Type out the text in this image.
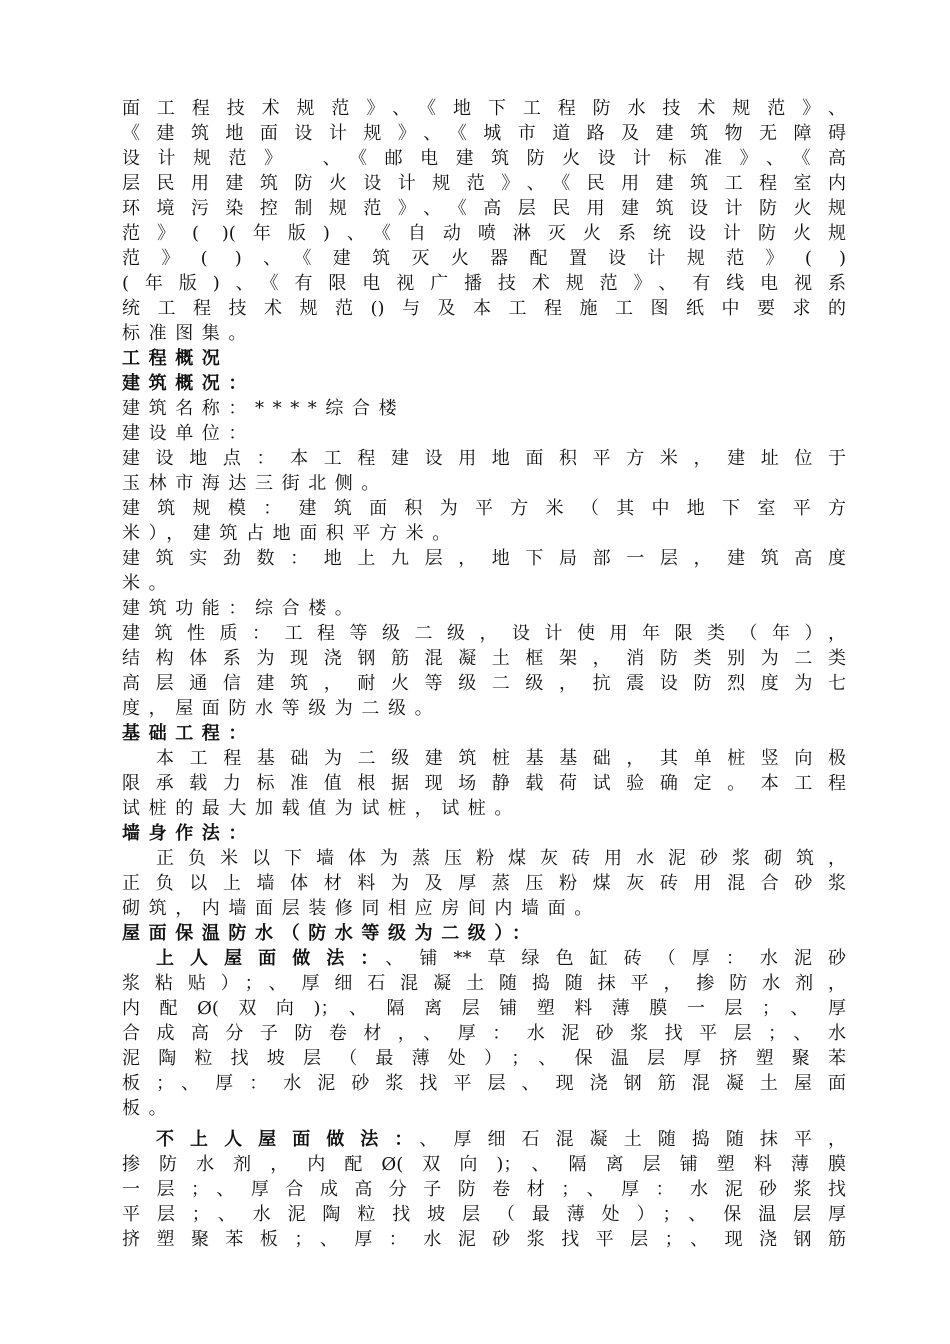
面工程技术规范》、《地下工程防水技术规范》、
《建筑地面设计规》、《城市道路及建筑物无障碍
设计规范》 、《邮电建筑防火设计标准》、《高
层民用建筑防火设计规范》、《民用建筑工程室内
环境污染控制规范》、《高层民用建筑设计防火规
范》( )(年版)、《自动喷淋灭火系统设计防火规
范》( )、《建筑灭火器配置设计规范》( )
(年版)、《有限电视广播技术规范》、有线电视系
统工程技术规范()与及本工程施工图纸中要求的
标准图集。
工程概况
建筑概况：
建筑名称：****综合楼
建设单位：
建设地点：本工程建设用地面积平方米，建址位于
玉林市海达三街北侧。
建筑规模：建筑面积为平方米（其中地下室平方
米），建筑占地面积平方米。
建筑实劲数：地上九层，地下局部一层，建筑高度
米。
建筑功能：综合楼。
建筑性质：工程等级二级，设计使用年限类（年），
结构体系为现浇钢筋混凝土框架，消防类别为二类
高层通信建筑，耐火等级二级，抗震设防烈度为七
度，屋面防水等级为二级。
基础工程：
本工程基础为二级建筑桩基基础，其单桩竖向极
限承载力标准值根据现场静载荷试验确定。本工程
试桩的最大加载值为试桩，试桩。
墙身作法：
正负米以下墙体为蒸压粉煤灰砖用水泥砂浆砌筑，
正负以上墙体材料为及厚蒸压粉煤灰砖用混合砂浆
砌筑，内墙面层装修同相应房间内墙面。
屋面保温防水（防水等级为二级）：
上人屋面做法：、铺**草绿色缸砖（厚：水泥砂
浆粘贴）；、厚细石混凝土随捣随抹平，掺防水剂，
内配Ø(双向)；、隔离层铺塑料薄膜一层；、厚
合成高分子防卷材，、厚：水泥砂浆找平层；、水
泥陶粒找坡层（最薄处）；、保温层厚挤塑聚苯
板；、厚：水泥砂浆找平层、现浇钢筋混凝土屋面
板。
不上人屋面做法：、厚细石混凝土随捣随抹平，
掺防水剂，内配Ø(双向)；、隔离层铺塑料薄膜
一层；、厚合成高分子防卷材；、厚：水泥砂浆找
平层；、水泥陶粒找坡层（最薄处）；、保温层厚
挤塑聚苯板；、厚：水泥砂浆找平层；、现浇钢筋
